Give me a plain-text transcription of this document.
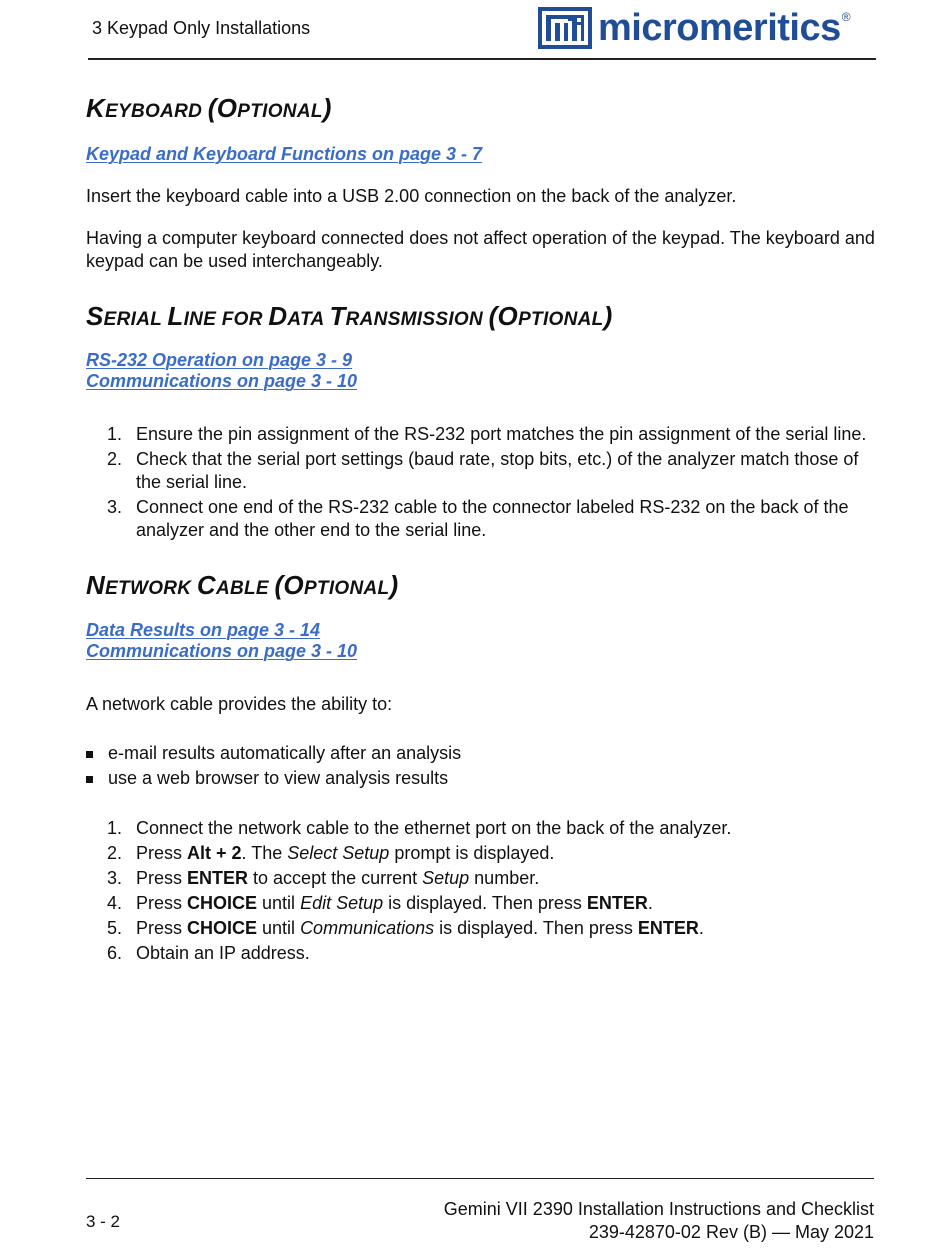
3 Keypad Only Installations	micromeritics ®
KEYBOARD (OPTIONAL)
Keypad and Keyboard Functions on page 3 - 7
Insert the keyboard cable into a USB 2.00 connection on the back of the analyzer.
Having a computer keyboard connected does not affect operation of the keypad. The keyboard and keypad can be used interchangeably.
SERIAL LINE FOR DATA TRANSMISSION (OPTIONAL)
RS-232 Operation on page 3 - 9
Communications on page 3 - 10
1. Ensure the pin assignment of the RS-232 port matches the pin assignment of the serial line.
2. Check that the serial port settings (baud rate, stop bits, etc.) of the analyzer match those of the serial line.
3. Connect one end of the RS-232 cable to the connector labeled RS-232 on the back of the analyzer and the other end to the serial line.
NETWORK CABLE (OPTIONAL)
Data Results on page 3 - 14
Communications on page 3 - 10
A network cable provides the ability to:
e-mail results automatically after an analysis
use a web browser to view analysis results
1. Connect the network cable to the ethernet port on the back of the analyzer.
2. Press Alt + 2. The Select Setup prompt is displayed.
3. Press ENTER to accept the current Setup number.
4. Press CHOICE until Edit Setup is displayed. Then press ENTER.
5. Press CHOICE until Communications is displayed. Then press ENTER.
6. Obtain an IP address.
3 - 2
Gemini VII 2390 Installation Instructions and Checklist
239-42870-02 Rev (B) — May 2021
